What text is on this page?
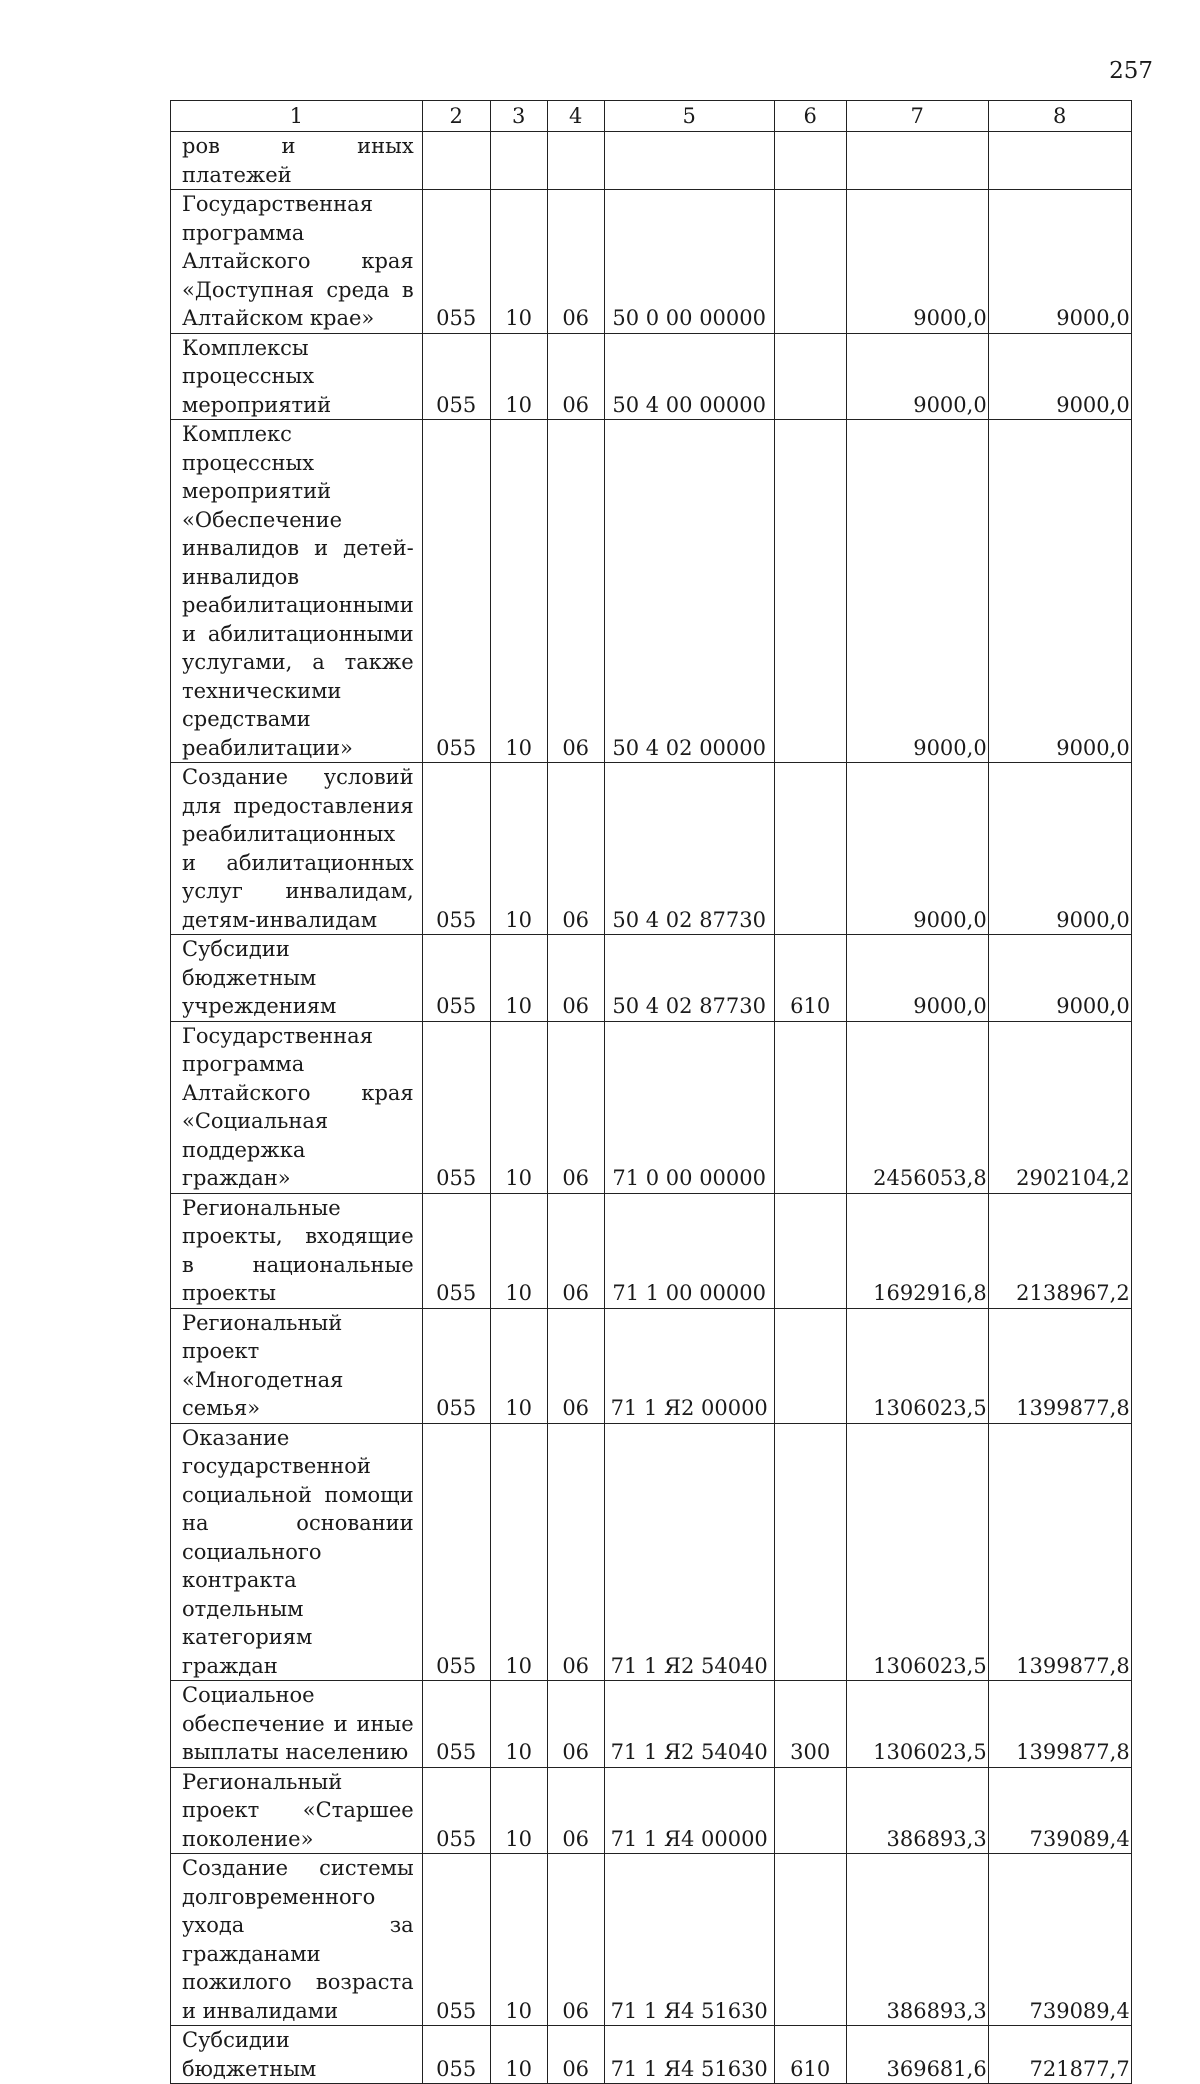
257
1	2	3	4	5	6	7	8
ров и иных платежей							
Государственная программа Алтайского края «Доступная среда в Алтайском крае»	055	10	06	50 0 00 00000		9000,0	9000,0
Комплексы процессных мероприятий	055	10	06	50 4 00 00000		9000,0	9000,0
Комплекс процессных мероприятий «Обеспечение инвалидов и детей-инвалидов реабилитационными и абилитационными услугами, а также техническими средствами реабилитации»	055	10	06	50 4 02 00000		9000,0	9000,0
Создание условий для предоставления реабилитационных и абилитационных услуг инвалидам, детям-инвалидам	055	10	06	50 4 02 87730		9000,0	9000,0
Субсидии бюджетным учреждениям	055	10	06	50 4 02 87730	610	9000,0	9000,0
Государственная программа Алтайского края «Социальная поддержка граждан»	055	10	06	71 0 00 00000		2456053,8	2902104,2
Региональные проекты, входящие в национальные проекты	055	10	06	71 1 00 00000		1692916,8	2138967,2
Региональный проект «Многодетная семья»	055	10	06	71 1 Я2 00000		1306023,5	1399877,8
Оказание государственной социальной помощи на основании социального контракта отдельным категориям граждан	055	10	06	71 1 Я2 54040		1306023,5	1399877,8
Социальное обеспечение и иные выплаты населению	055	10	06	71 1 Я2 54040	300	1306023,5	1399877,8
Региональный проект «Старшее поколение»	055	10	06	71 1 Я4 00000		386893,3	739089,4
Создание системы долговременного ухода за гражданами пожилого возраста и инвалидами	055	10	06	71 1 Я4 51630		386893,3	739089,4
Субсидии бюджетным	055	10	06	71 1 Я4 51630	610	369681,6	721877,7
